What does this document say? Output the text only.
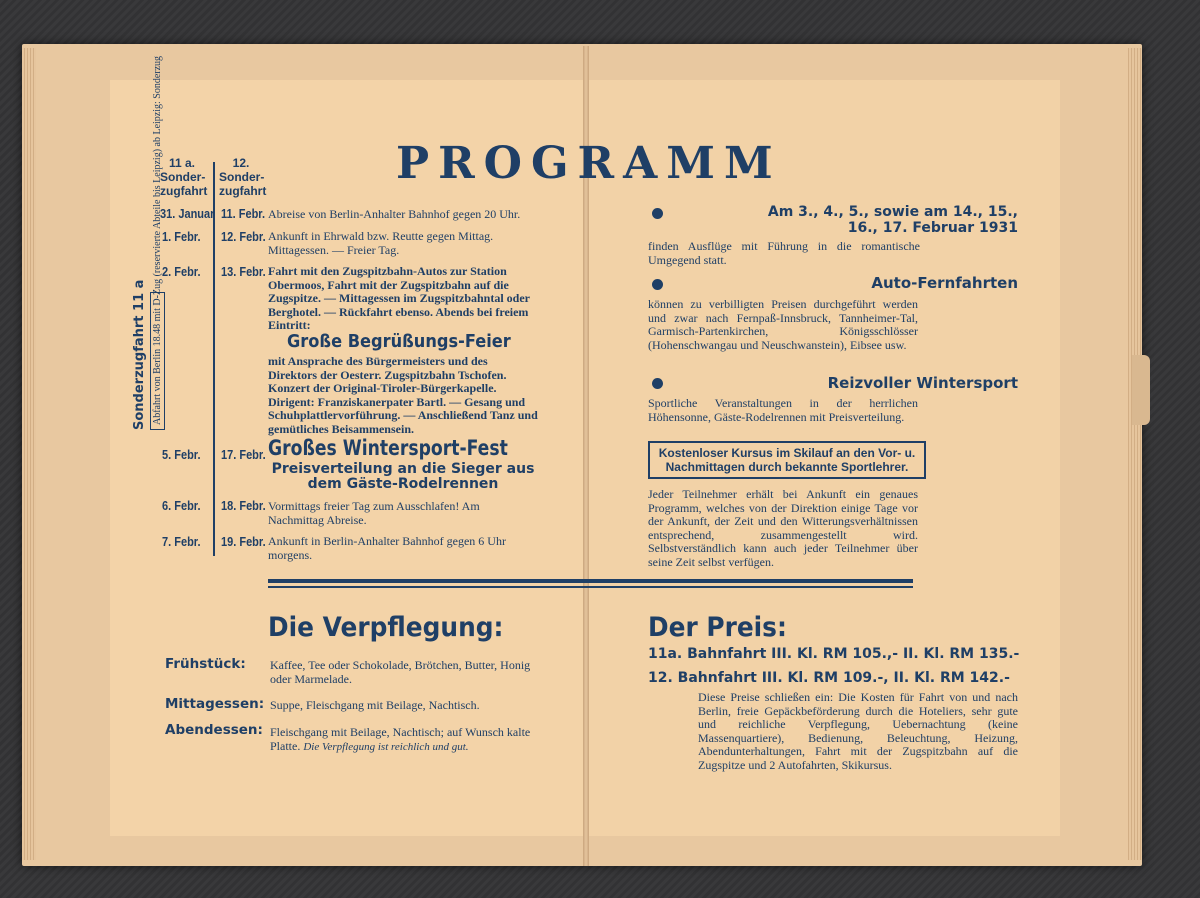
PROGRAMM
11 a. Sonder-zugfahrt
12. Sonder-zugfahrt
31. Januar 11. Febr.
1. Febr. 12. Febr.
2. Febr. 13. Febr.
5. Febr. 17. Febr.
6. Febr. 18. Febr.
7. Febr. 19. Febr.
Sonderzugfahrt 11 a
Abreise von Berlin-Anhalter Bahnhof gegen 20 Uhr.
Ankunft in Ehrwald bzw. Reutte gegen Mittag. Mittagessen. — Freier Tag.
Fahrt mit den Zugspitzbahn-Autos zur Station Obermoos, Fahrt mit der Zugspitzbahn auf die Zugspitze. — Mittagessen im Zugspitzbahntal oder Berghotel. — Rückfahrt ebenso. Abends bei freiem Eintritt:
Große Begrüßungs-Feier
mit Ansprache des Bürgermeisters und des Direktors der Oesterr. Zugspitzbahn Tschofen. Konzert der Original-Tiroler-Bürgerkapelle. Dirigent: Franziskanerpater Bartl. — Gesang und Schuhplattlervorführung. — Anschließend Tanz und gemütliches Beisammensein.
Großes Wintersport-Fest
Preisverteilung an die Sieger aus dem Gäste-Rodelrennen
Vormittags freier Tag zum Ausschlafen! Am Nachmittag Abreise.
Ankunft in Berlin-Anhalter Bahnhof gegen 6 Uhr morgens.
Am 3., 4., 5., sowie am 14., 15., 16., 17. Februar 1931
finden Ausflüge mit Führung in die romantische Umgegend statt.
Auto-Fernfahrten
können zu verbilligten Preisen durchgeführt werden und zwar nach Fernpaß-Innsbruck, Tannheimer-Tal, Garmisch-Partenkirchen, Königsschlösser (Hohenschwangau und Neuschwanstein), Eibsee usw.
Reizvoller Wintersport
Sportliche Veranstaltungen in der herrlichen Höhensonne, Gäste-Rodelrennen mit Preisverteilung.
Kostenloser Kursus im Skilauf an den Vor- u. Nachmittagen durch bekannte Sportlehrer.
Jeder Teilnehmer erhält bei Ankunft ein genaues Programm, welches von der Direktion einige Tage vor der Ankunft, der Zeit und den Witterungsverhältnissen entsprechend, zusammengestellt wird. Selbstverständlich kann auch jeder Teilnehmer über seine Zeit selbst verfügen.
Die Verpflegung:
Frühstück: Kaffee, Tee oder Schokolade, Brötchen, Butter, Honig oder Marmelade.
Mittagessen: Suppe, Fleischgang mit Beilage, Nachtisch.
Abendessen: Fleischgang mit Beilage, Nachtisch; auf Wunsch kalte Platte. Die Verpflegung ist reichlich und gut.
Der Preis:
11a. Bahnfahrt III. Kl. RM 105.,- II. Kl. RM 135.-
12. Bahnfahrt III. Kl. RM 109.-, II. Kl. RM 142.-
Diese Preise schließen ein: Die Kosten für Fahrt von und nach Berlin, freie Gepäckbeförderung durch die Hoteliers, sehr gute und reichliche Verpflegung, Uebernachtung (keine Massenquartiere), Bedienung, Beleuchtung, Heizung, Abendunterhaltungen, Fahrt mit der Zugspitzbahn auf die Zugspitze und 2 Autofahrten, Skikursus.
